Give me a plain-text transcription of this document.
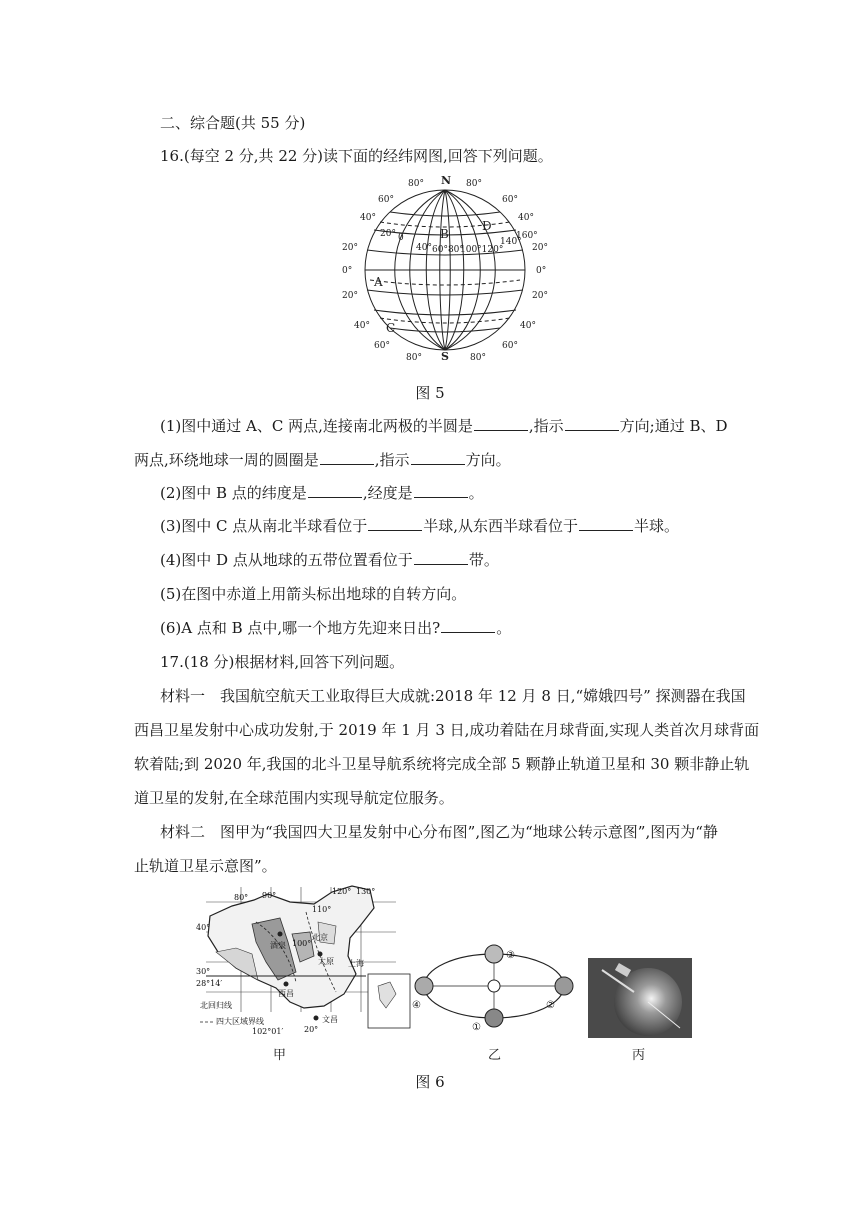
二、综合题(共 55 分)
16.(每空 2 分,共 22 分)读下面的经纬网图,回答下列问题。
N
S
80°	80°
60°	60°
40°	40°
20°	20°
0°	0°
20°	20°
40°	40°
60°	60°
80°	80°
20° 0
40° 60°80°
100°120°
140°
160°
A
B
C
D
图 5
(1)图中通过 A、C 两点,连接南北两极的半圆是	,指示	方向;通过 B、D
两点,环绕地球一周的圆圈是	,指示	方向。
(2)图中 B 点的纬度是	,经度是	。
(3)图中 C 点从南北半球看位于	半球,从东西半球看位于	半球。
(4)图中 D 点从地球的五带位置看位于	带。
(5)在图中赤道上用箭头标出地球的自转方向。
(6)A 点和 B 点中,哪一个地方先迎来日出?	。
17.(18 分)根据材料,回答下列问题。
材料一　我国航空航天工业取得巨大成就:2018 年 12 月 8 日,“嫦娥四号” 探测器在我国
西昌卫星发射中心成功发射,于 2019 年 1 月 3 日,成功着陆在月球背面,实现人类首次月球背面
软着陆;到 2020 年,我国的北斗卫星导航系统将完成全部 5 颗静止轨道卫星和 30 颗非静止轨
道卫星的发射,在全球范围内实现导航定位服务。
材料二　图甲为“我国四大卫星发射中心分布图”,图乙为“地球公转示意图”,图丙为“静
止轨道卫星示意图”。
北京
上海
太原
酒泉
西昌
文昌
北回归线
四大区域界线
80° 90°
100°
110°
120° 130°
40°
30°
28°14′
102°01′	20°
③
④	②
①
甲	乙	丙
图 6
